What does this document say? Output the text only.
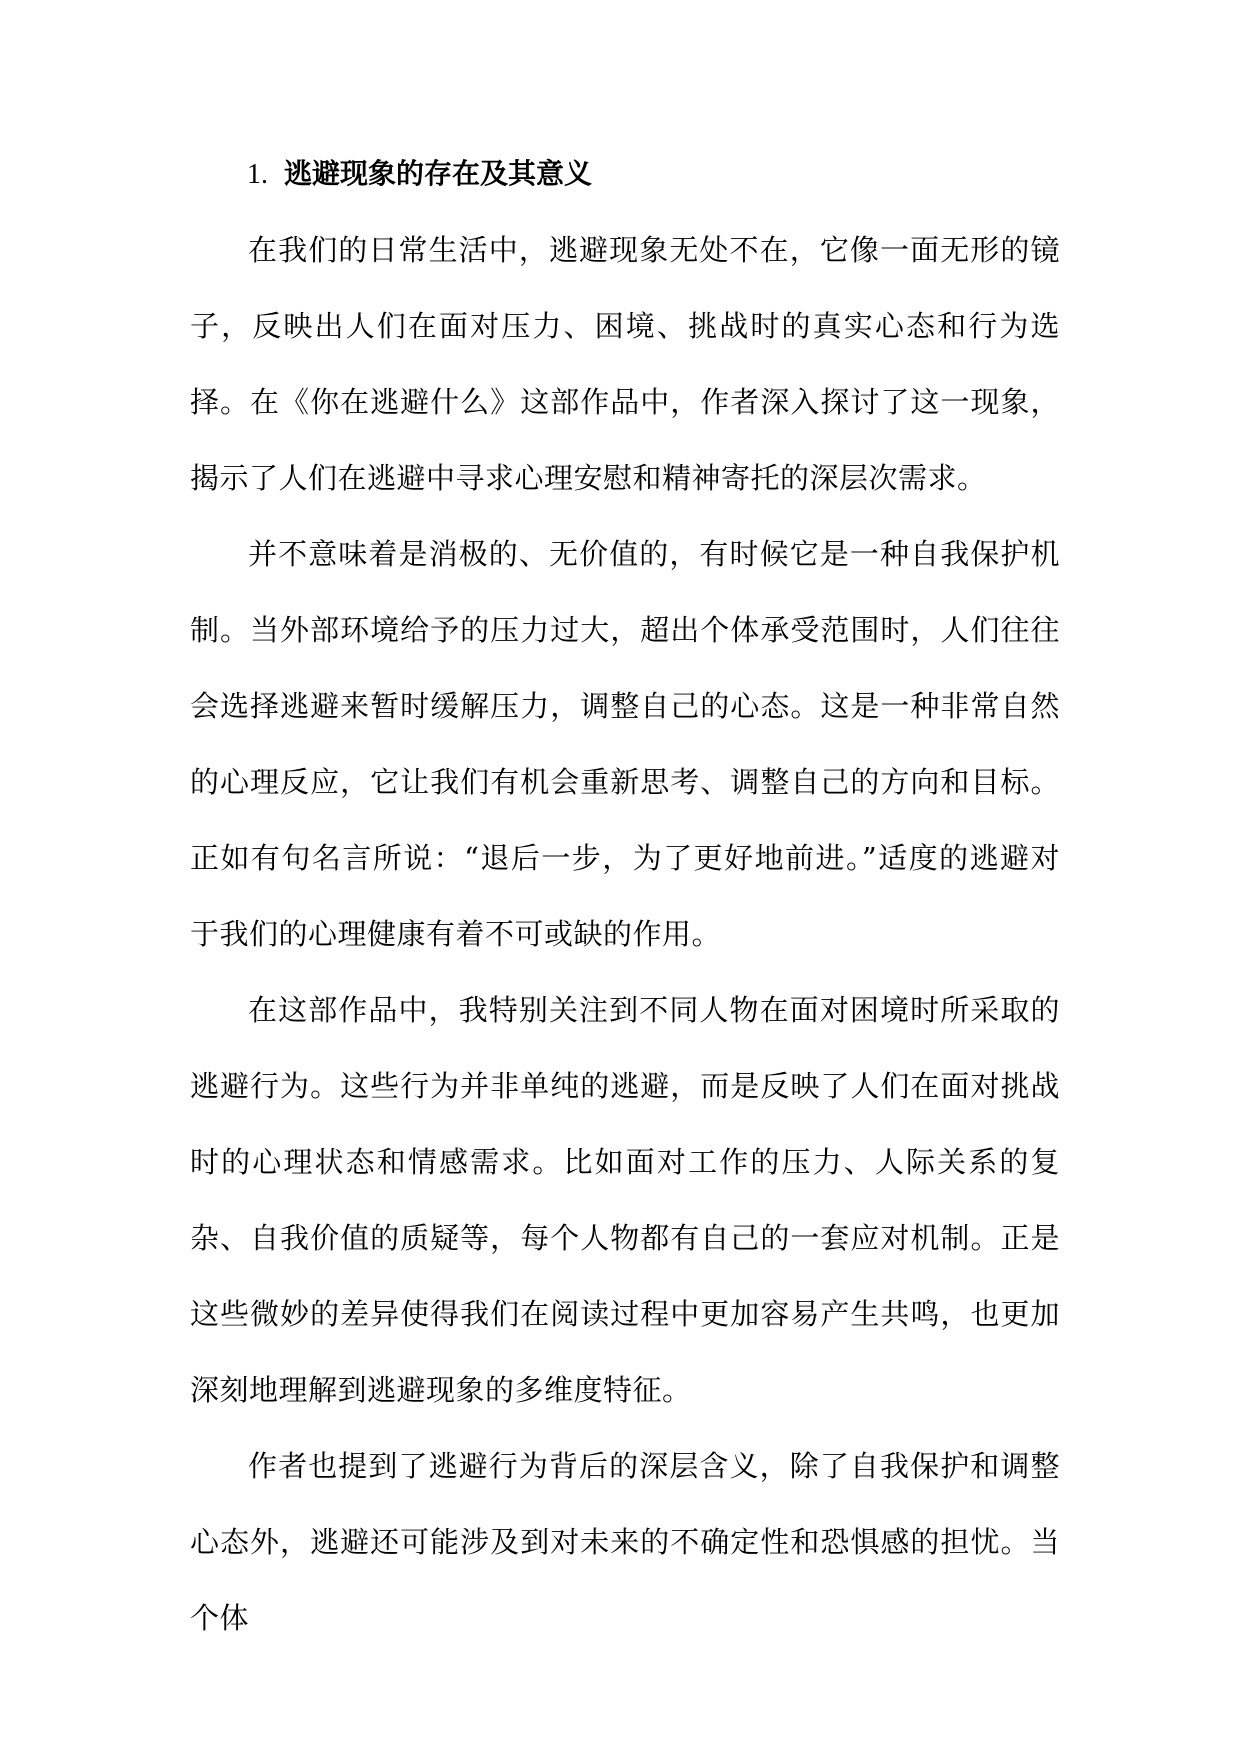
1. 逃避现象的存在及其意义

在我们的日常生活中，逃避现象无处不在，它像一面无形的镜子，反映出人们在面对压力、困境、挑战时的真实心态和行为选择。在《你在逃避什么》这部作品中，作者深入探讨了这一现象，揭示了人们在逃避中寻求心理安慰和精神寄托的深层次需求。

并不意味着是消极的、无价值的，有时候它是一种自我保护机制。当外部环境给予的压力过大，超出个体承受范围时，人们往往会选择逃避来暂时缓解压力，调整自己的心态。这是一种非常自然的心理反应，它让我们有机会重新思考、调整自己的方向和目标。正如有句名言所说：“退后一步，为了更好地前进。”适度的逃避对于我们的心理健康有着不可或缺的作用。

在这部作品中，我特别关注到不同人物在面对困境时所采取的逃避行为。这些行为并非单纯的逃避，而是反映了人们在面对挑战时的心理状态和情感需求。比如面对工作的压力、人际关系的复杂、自我价值的质疑等，每个人物都有自己的一套应对机制。正是这些微妙的差异使得我们在阅读过程中更加容易产生共鸣，也更加深刻地理解到逃避现象的多维度特征。

作者也提到了逃避行为背后的深层含义，除了自我保护和调整心态外，逃避还可能涉及到对未来的不确定性和恐惧感的担忧。当个体
